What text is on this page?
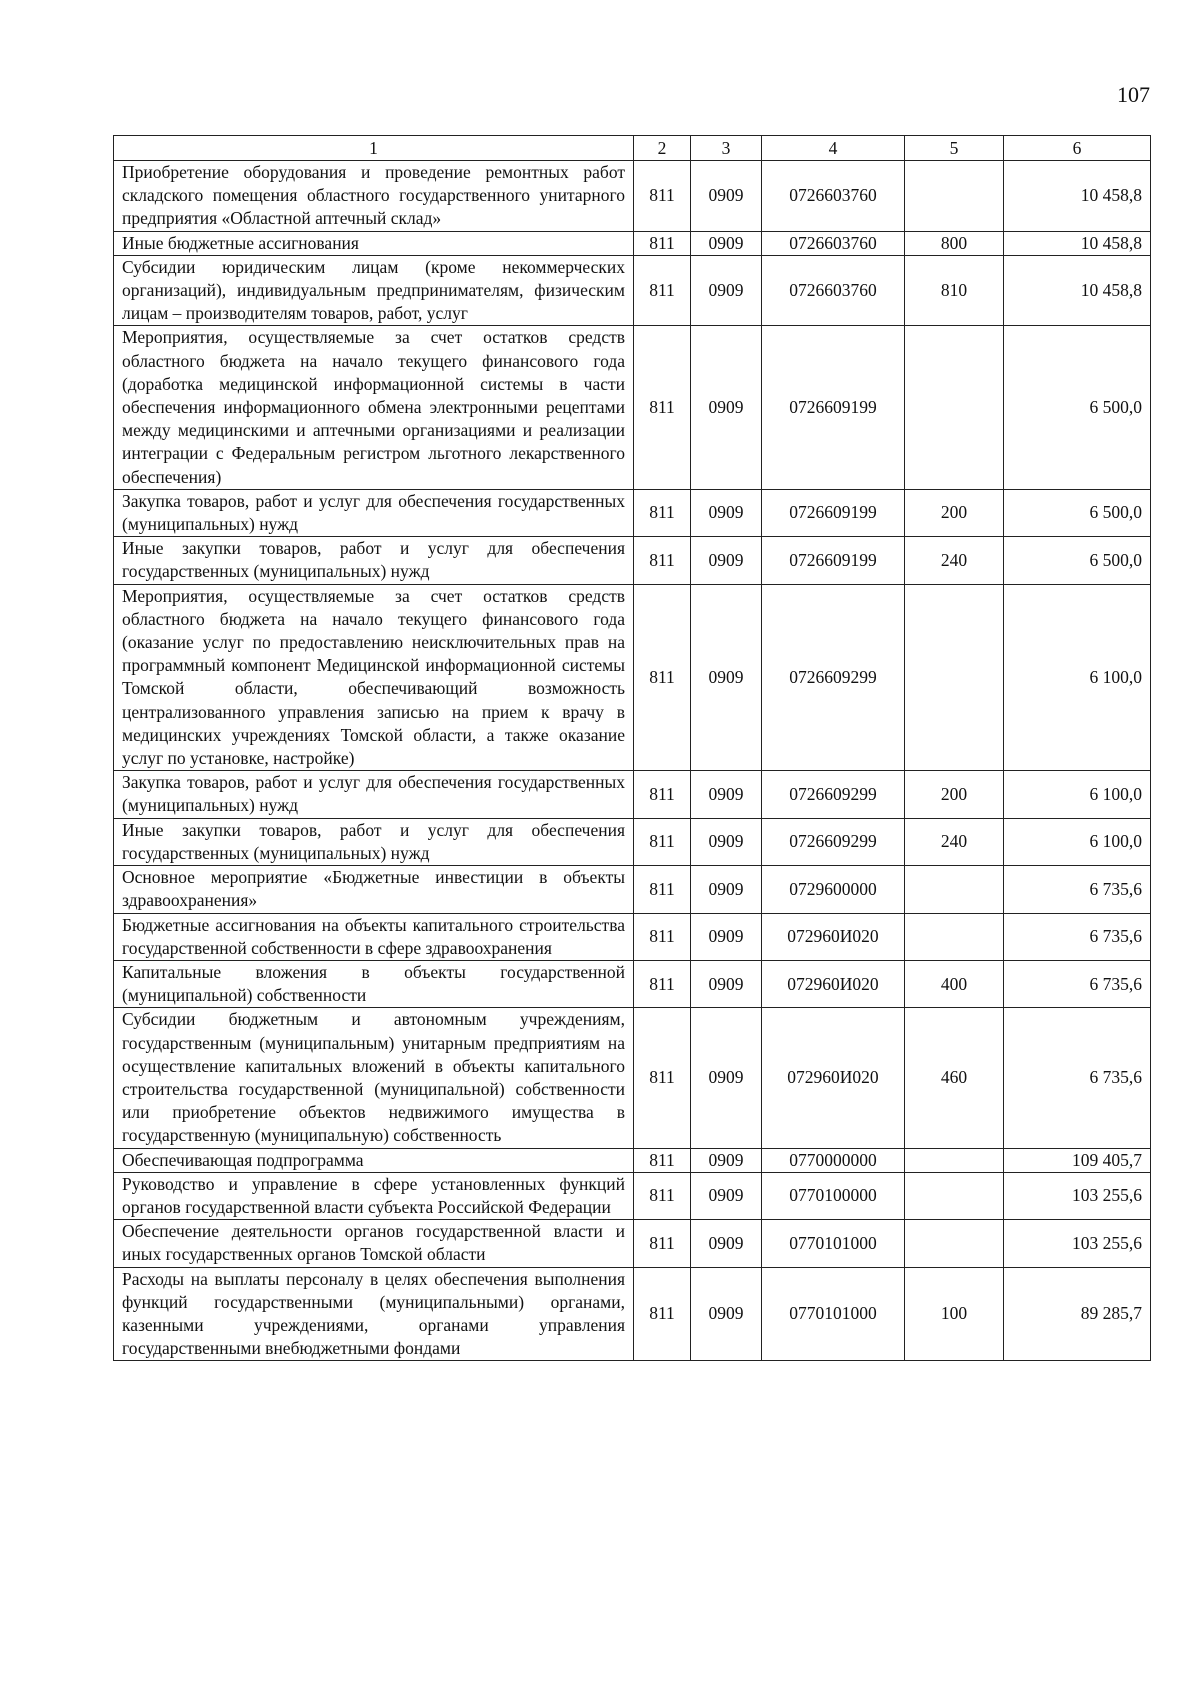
107
1	2	3	4	5	6
Приобретение оборудования и проведение ремонтных работ складского помещения областного государственного унитарного предприятия «Областной аптечный склад»	811	0909	0726603760		10 458,8
Иные бюджетные ассигнования	811	0909	0726603760	800	10 458,8
Субсидии юридическим лицам (кроме некоммерческих организаций), индивидуальным предпринимателям, физическим лицам – производителям товаров, работ, услуг	811	0909	0726603760	810	10 458,8
Мероприятия, осуществляемые за счет остатков средств областного бюджета на начало текущего финансового года (доработка медицинской информационной системы в части обеспечения информационного обмена электронными рецептами между медицинскими и аптечными организациями и реализации интеграции с Федеральным регистром льготного лекарственного обеспечения)	811	0909	0726609199		6 500,0
Закупка товаров, работ и услуг для обеспечения государственных (муниципальных) нужд	811	0909	0726609199	200	6 500,0
Иные закупки товаров, работ и услуг для обеспечения государственных (муниципальных) нужд	811	0909	0726609199	240	6 500,0
Мероприятия, осуществляемые за счет остатков средств областного бюджета на начало текущего финансового года (оказание услуг по предоставлению неисключительных прав на программный компонент Медицинской информационной системы Томской области, обеспечивающий возможность централизованного управления записью на прием к врачу в медицинских учреждениях Томской области, а также оказание услуг по установке, настройке)	811	0909	0726609299		6 100,0
Закупка товаров, работ и услуг для обеспечения государственных (муниципальных) нужд	811	0909	0726609299	200	6 100,0
Иные закупки товаров, работ и услуг для обеспечения государственных (муниципальных) нужд	811	0909	0726609299	240	6 100,0
Основное мероприятие «Бюджетные инвестиции в объекты здравоохранения»	811	0909	0729600000		6 735,6
Бюджетные ассигнования на объекты капитального строительства государственной собственности в сфере здравоохранения	811	0909	072960И020		6 735,6
Капитальные вложения в объекты государственной (муниципальной) собственности	811	0909	072960И020	400	6 735,6
Субсидии бюджетным и автономным учреждениям, государственным (муниципальным) унитарным предприятиям на осуществление капитальных вложений в объекты капитального строительства государственной (муниципальной) собственности или приобретение объектов недвижимого имущества в государственную (муниципальную) собственность	811	0909	072960И020	460	6 735,6
Обеспечивающая подпрограмма	811	0909	0770000000		109 405,7
Руководство и управление в сфере установленных функций органов государственной власти субъекта Российской Федерации	811	0909	0770100000		103 255,6
Обеспечение деятельности органов государственной власти и иных государственных органов Томской области	811	0909	0770101000		103 255,6
Расходы на выплаты персоналу в целях обеспечения выполнения функций государственными (муниципальными) органами, казенными учреждениями, органами управления государственными внебюджетными фондами	811	0909	0770101000	100	89 285,7
